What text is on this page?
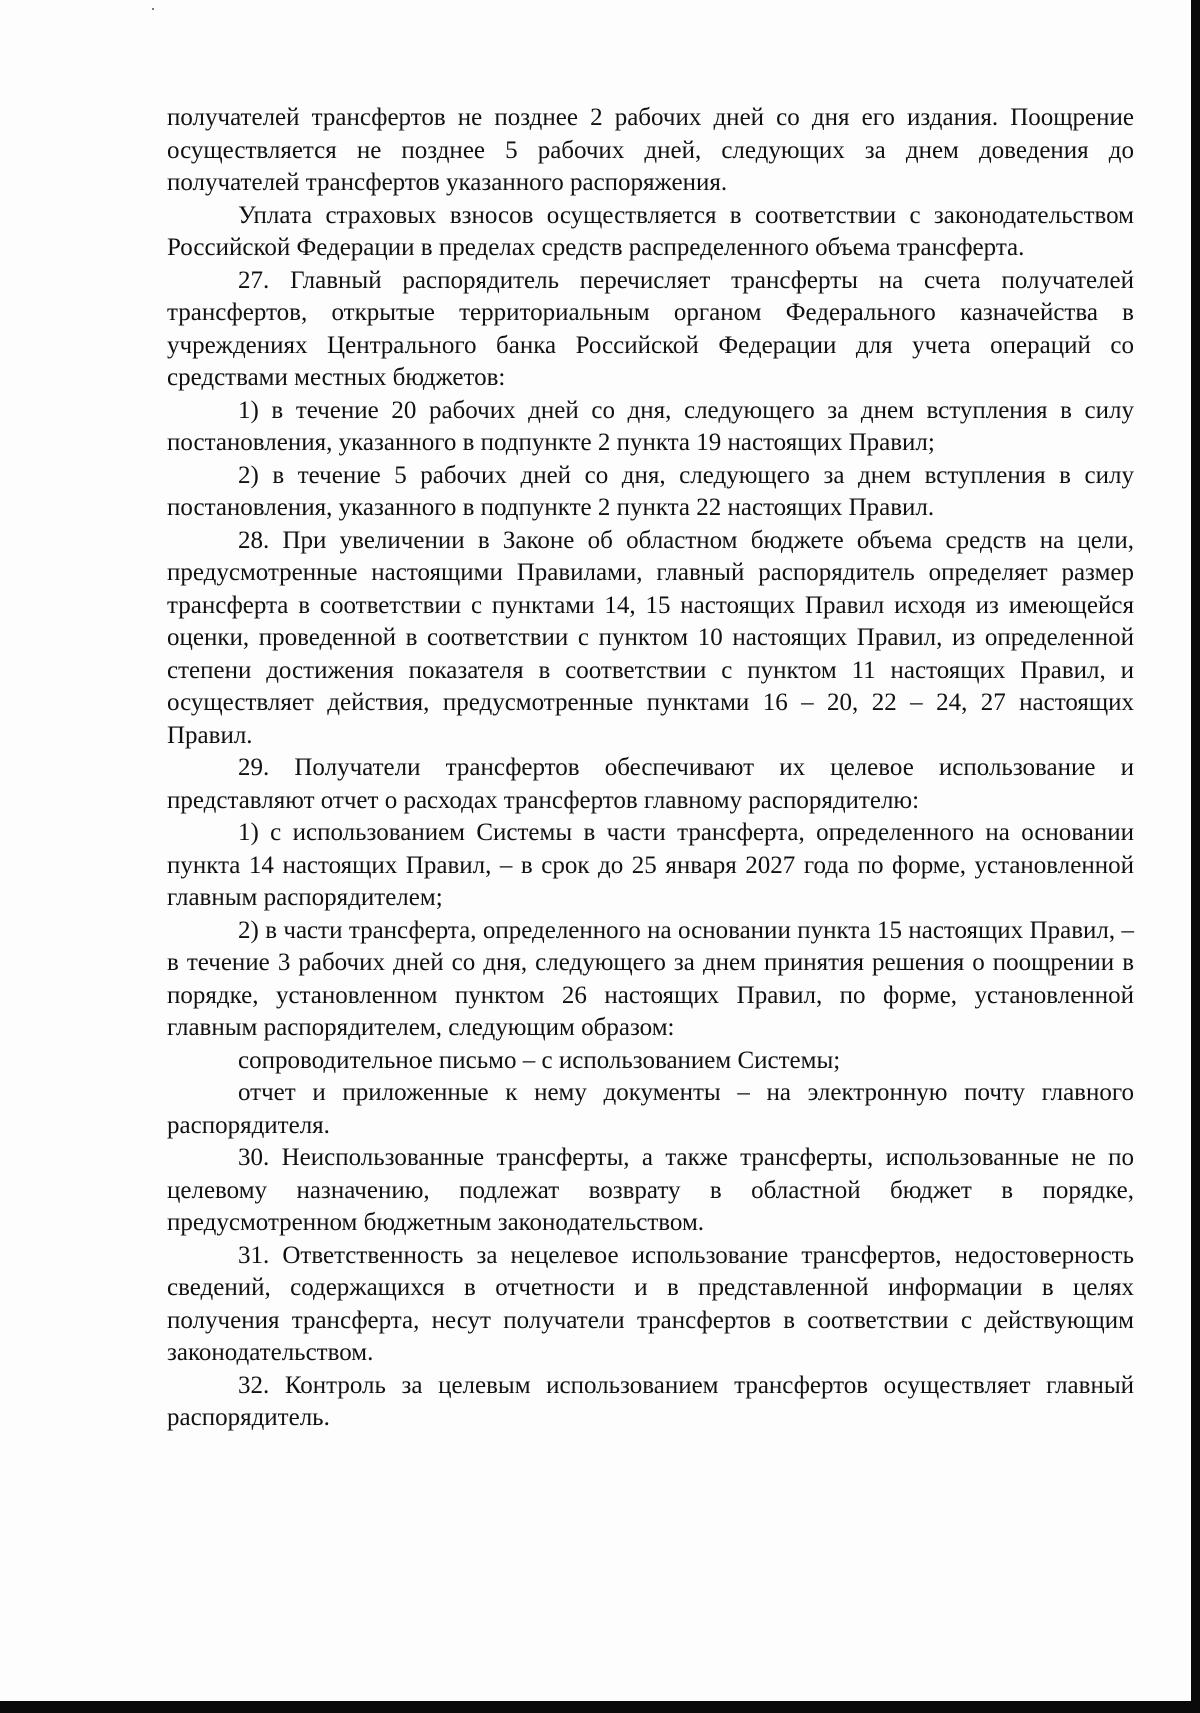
получателей трансфертов не позднее 2 рабочих дней со дня его издания. Поощрение осуществляется не позднее 5 рабочих дней, следующих за днем доведения до получателей трансфертов указанного распоряжения.

Уплата страховых взносов осуществляется в соответствии с законодательством Российской Федерации в пределах средств распределенного объема трансферта.

27. Главный распорядитель перечисляет трансферты на счета получателей трансфертов, открытые территориальным органом Федерального казначейства в учреждениях Центрального банка Российской Федерации для учета операций со средствами местных бюджетов:

1) в течение 20 рабочих дней со дня, следующего за днем вступления в силу постановления, указанного в подпункте 2 пункта 19 настоящих Правил;

2) в течение 5 рабочих дней со дня, следующего за днем вступления в силу постановления, указанного в подпункте 2 пункта 22 настоящих Правил.

28. При увеличении в Законе об областном бюджете объема средств на цели, предусмотренные настоящими Правилами, главный распорядитель определяет размер трансферта в соответствии с пунктами 14, 15 настоящих Правил исходя из имеющейся оценки, проведенной в соответствии с пунктом 10 настоящих Правил, из определенной степени достижения показателя в соответствии с пунктом 11 настоящих Правил, и осуществляет действия, предусмотренные пунктами 16 – 20, 22 – 24, 27 настоящих Правил.

29. Получатели трансфертов обеспечивают их целевое использование и представляют отчет о расходах трансфертов главному распорядителю:

1) с использованием Системы в части трансферта, определенного на основании пункта 14 настоящих Правил, – в срок до 25 января 2027 года по форме, установленной главным распорядителем;

2) в части трансферта, определенного на основании пункта 15 настоящих Правил, – в течение 3 рабочих дней со дня, следующего за днем принятия решения о поощрении в порядке, установленном пунктом 26 настоящих Правил, по форме, установленной главным распорядителем, следующим образом:

сопроводительное письмо – с использованием Системы;

отчет и приложенные к нему документы – на электронную почту главного распорядителя.

30. Неиспользованные трансферты, а также трансферты, использованные не по целевому назначению, подлежат возврату в областной бюджет в порядке, предусмотренном бюджетным законодательством.

31. Ответственность за нецелевое использование трансфертов, недостоверность сведений, содержащихся в отчетности и в представленной информации в целях получения трансферта, несут получатели трансфертов в соответствии с действующим законодательством.

32. Контроль за целевым использованием трансфертов осуществляет главный распорядитель.
